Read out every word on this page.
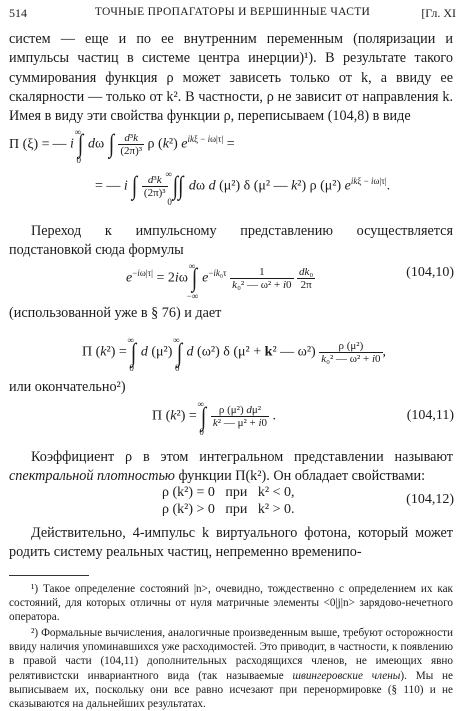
514	ТОЧНЫЕ ПРОПАГАТОРЫ И ВЕРШИННЫЕ ЧАСТИ	[Гл. XI
систем — еще и по ее внутренним переменным (поляризации и импульсы частиц в системе центра инерции)¹). В результате такого суммирования функция ρ может зависеть только от k, а ввиду ее скалярности — только от k². В частности, ρ не зависит от направления k. Имея в виду эти свойства функции ρ, переписываем (104,8) в виде
Π (ξ) = — i ∫
∞
0
dω ∫ $\frac{\text{d³k}}{\text{(2π)³}}$ ρ (k²) $e^{ik\xi - i\omega|\tau|}$ =
= — i ∫ $\frac{\text{d³k}}{\text{(2π)³}}$ ∫∫
∞
0
dω d (μ²) δ (μ² — k²) ρ (μ²) $e^{ik\xi - i\omega|\tau|}$.
Переход к импульсному представлению осуществляется подстановкой сюда формулы
$e^{-i\omega|\tau|} = 2i\omega$ ∫
∞
−∞
$e^{-ik_0\tau} \frac{1}{\text{k₀² — ω² + i0}}$
$\frac{\text{dk₀}}{2\pi}$	(104,10)
(использованной уже в § 76) и дает
Π (k²) = ∫
∞
0
d (μ²) ∫
∞
0
d (ω²) δ (μ² + k² — $\omega^2) \frac{\text{ρ (μ²)}}{\text{k₀² — ω² + i0}}$ ,
или окончательно²)
Π (k²) = ∫
∞
0

$\frac{\text{ρ (μ²) dμ²}}{\text{k² — μ² + i0}}$ .	(104,11)
Коэффициент ρ в этом интегральном представлении называют спектральной плотностью функции Π(k²). Он обладает свойствами:
ρ (k²) = 0   при   k² < 0,
ρ (k²) > 0   при   k² > 0.
(104,12)
Действительно, 4-импульс k виртуального фотона, который может родить систему реальных частиц, непременно временипо-
¹) Такое определение состояний |n>, очевидно, тождественно с определением их как состояний, для которых отличны от нуля матричные элементы <0|j|n> зарядово-нечетного оператора.
²) Формальные вычисления, аналогичные произведенным выше, требуют осторожности ввиду наличия упоминавшихся уже расходимостей. Это приводит, в частности, к появлению в правой части (104,11) дополнительных расходящихся членов, не имеющих явно релятивистски инвариантного вида (так называемые швингеровские члены). Мы не выписываем их, поскольку они все равно исчезают при перенормировке (§ 110) и не сказываются на дальнейших результатах.
